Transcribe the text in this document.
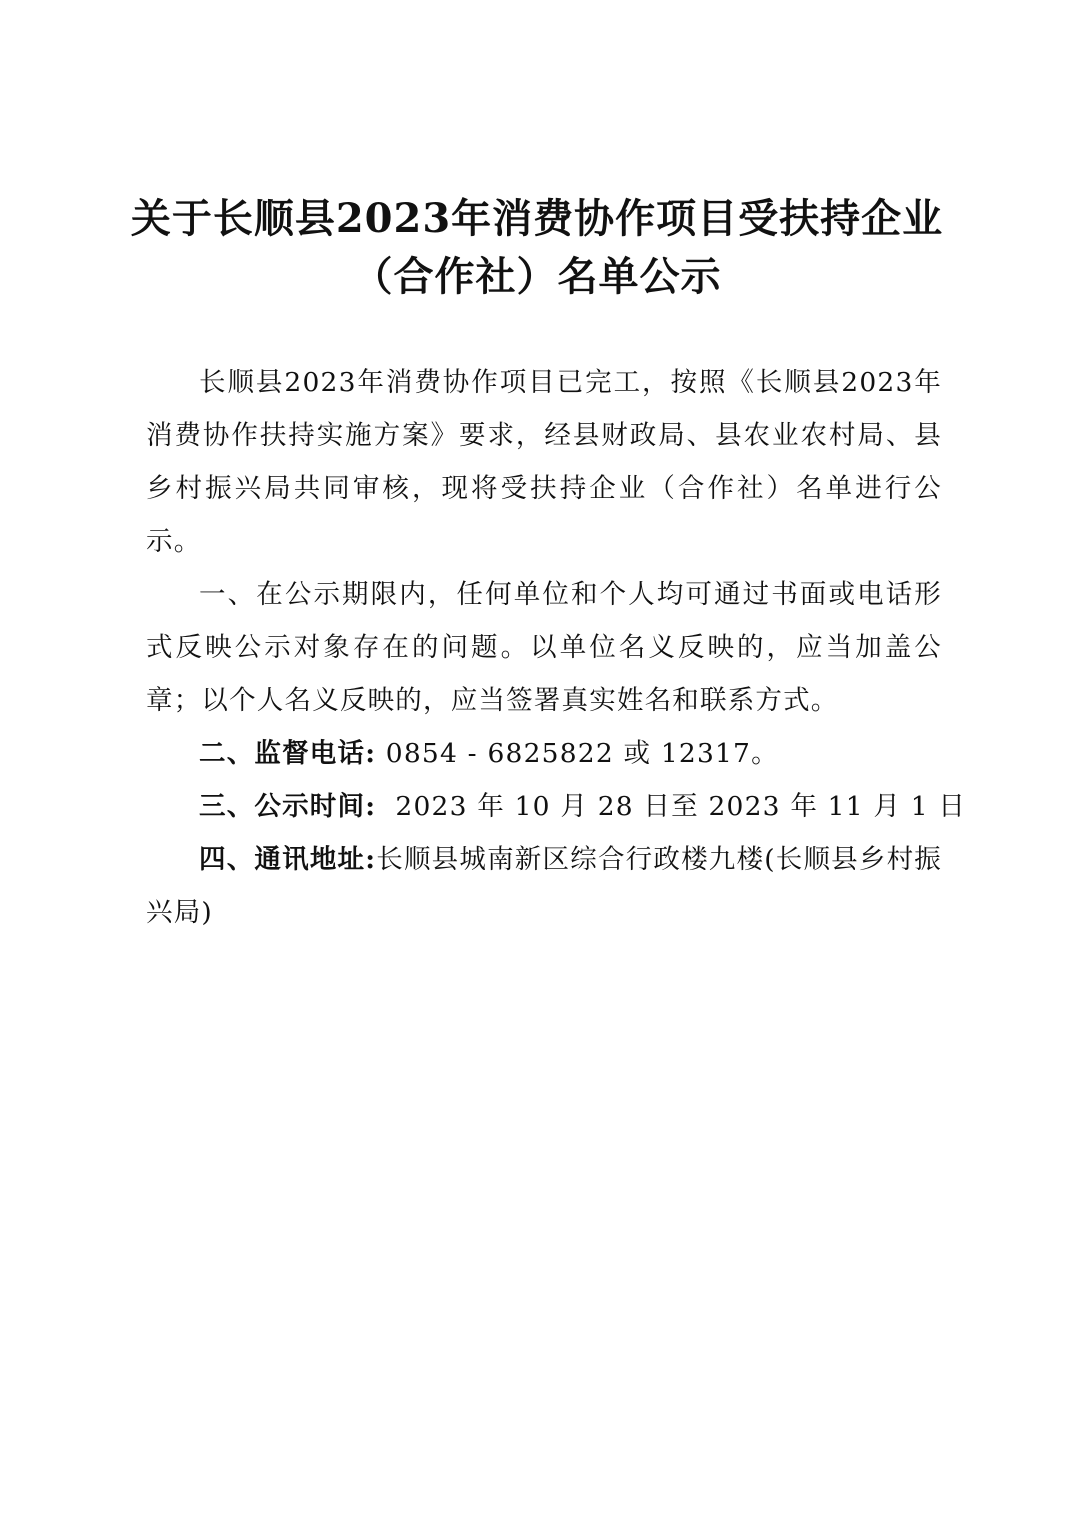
关于长顺县2023年消费协作项目受扶持企业
（合作社）名单公示

长顺县2023年消费协作项目已完工，按照《长顺县2023年消费协作扶持实施方案》要求，经县财政局、县农业农村局、县乡村振兴局共同审核，现将受扶持企业（合作社）名单进行公示。

一、在公示期限内，任何单位和个人均可通过书面或电话形式反映公示对象存在的问题。以单位名义反映的，应当加盖公章；以个人名义反映的，应当签署真实姓名和联系方式。

二、监督电话: 0854 - 6825822 或 12317。

三、公示时间:  2023 年 10 月 28 日至 2023 年 11 月 1 日

四、通讯地址:长顺县城南新区综合行政楼九楼(长顺县乡村振兴局)
